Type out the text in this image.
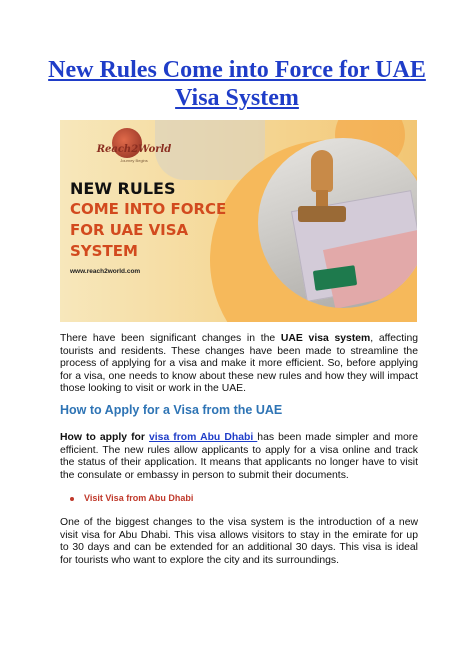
New Rules Come into Force for UAE
Visa System
Reach2World
Journey Begins
NEW RULES
COME INTO FORCE
FOR UAE VISA
SYSTEM
www.reach2world.com

There have been significant changes in the UAE visa system, affecting tourists and residents. These changes have been made to streamline the process of applying for a visa and make it more efficient. So, before applying for a visa, one needs to know about these new rules and how they will impact those looking to visit or work in the UAE.

How to Apply for a Visa from the UAE

How to apply for visa from Abu Dhabi has been made simpler and more efficient. The new rules allow applicants to apply for a visa online and track the status of their application. It means that applicants no longer have to visit the consulate or embassy in person to submit their documents.

Visit Visa from Abu Dhabi

One of the biggest changes to the visa system is the introduction of a new visit visa for Abu Dhabi. This visa allows visitors to stay in the emirate for up to 30 days and can be extended for an additional 30 days. This visa is ideal for tourists who want to explore the city and its surroundings.
